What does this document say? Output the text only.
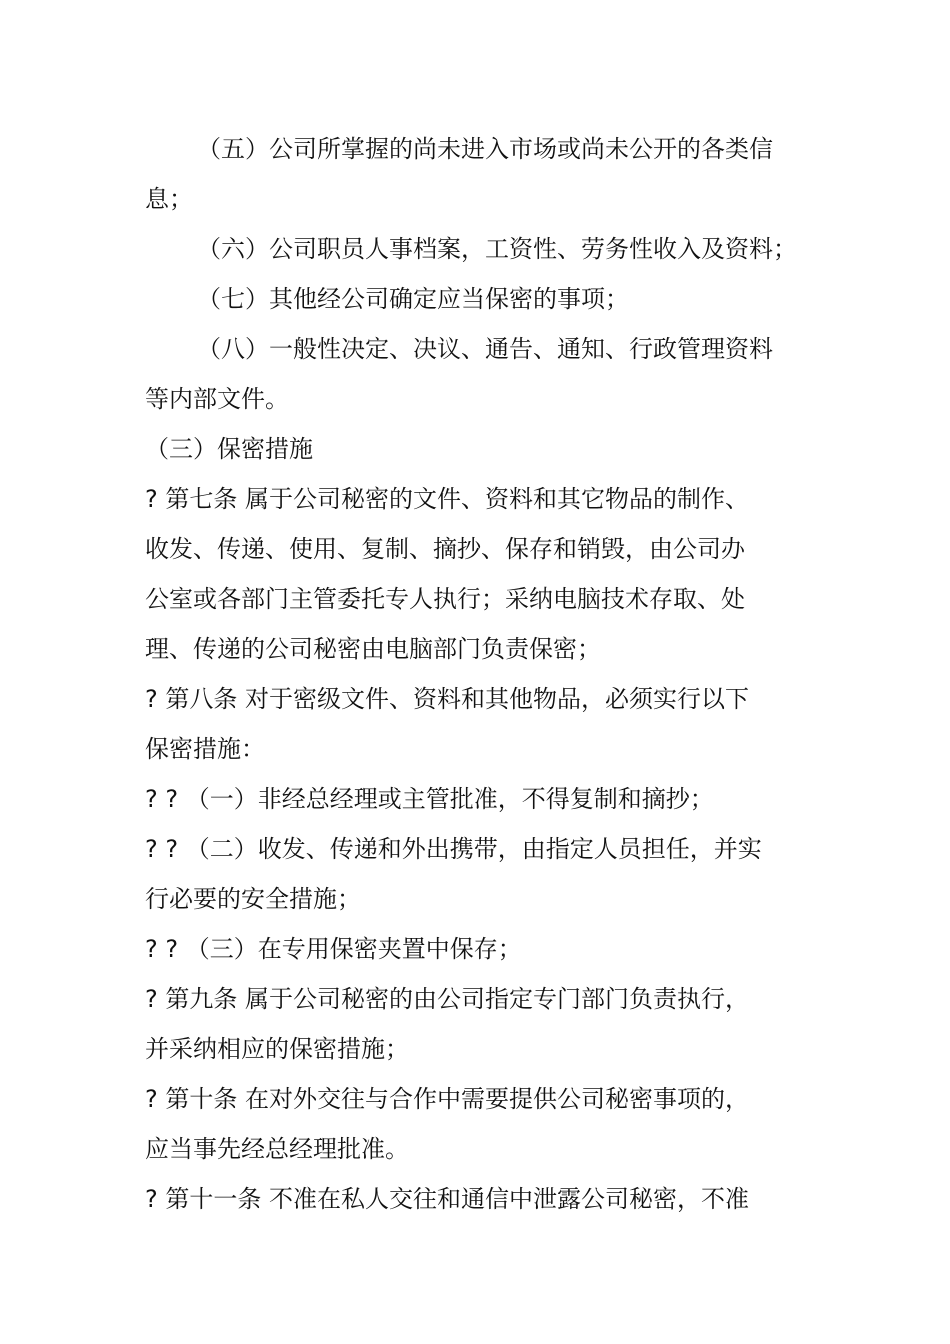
（五）公司所掌握的尚未进入市场或尚未公开的各类信
息；
（六）公司职员人事档案，工资性、劳务性收入及资料；
（七）其他经公司确定应当保密的事项；
（八）一般性决定、决议、通告、通知、行政管理资料
等内部文件。
（三）保密措施
? 第七条 属于公司秘密的文件、资料和其它物品的制作、
收发、传递、使用、复制、摘抄、保存和销毁，由公司办
公室或各部门主管委托专人执行；采纳电脑技术存取、处
理、传递的公司秘密由电脑部门负责保密；
? 第八条 对于密级文件、资料和其他物品，必须实行以下
保密措施：
? ? （一）非经总经理或主管批准，不得复制和摘抄；
? ? （二）收发、传递和外出携带，由指定人员担任，并实
行必要的安全措施；
? ? （三）在专用保密夹置中保存；
? 第九条 属于公司秘密的由公司指定专门部门负责执行，
并采纳相应的保密措施；
? 第十条 在对外交往与合作中需要提供公司秘密事项的，
应当事先经总经理批准。
? 第十一条 不准在私人交往和通信中泄露公司秘密，不准
